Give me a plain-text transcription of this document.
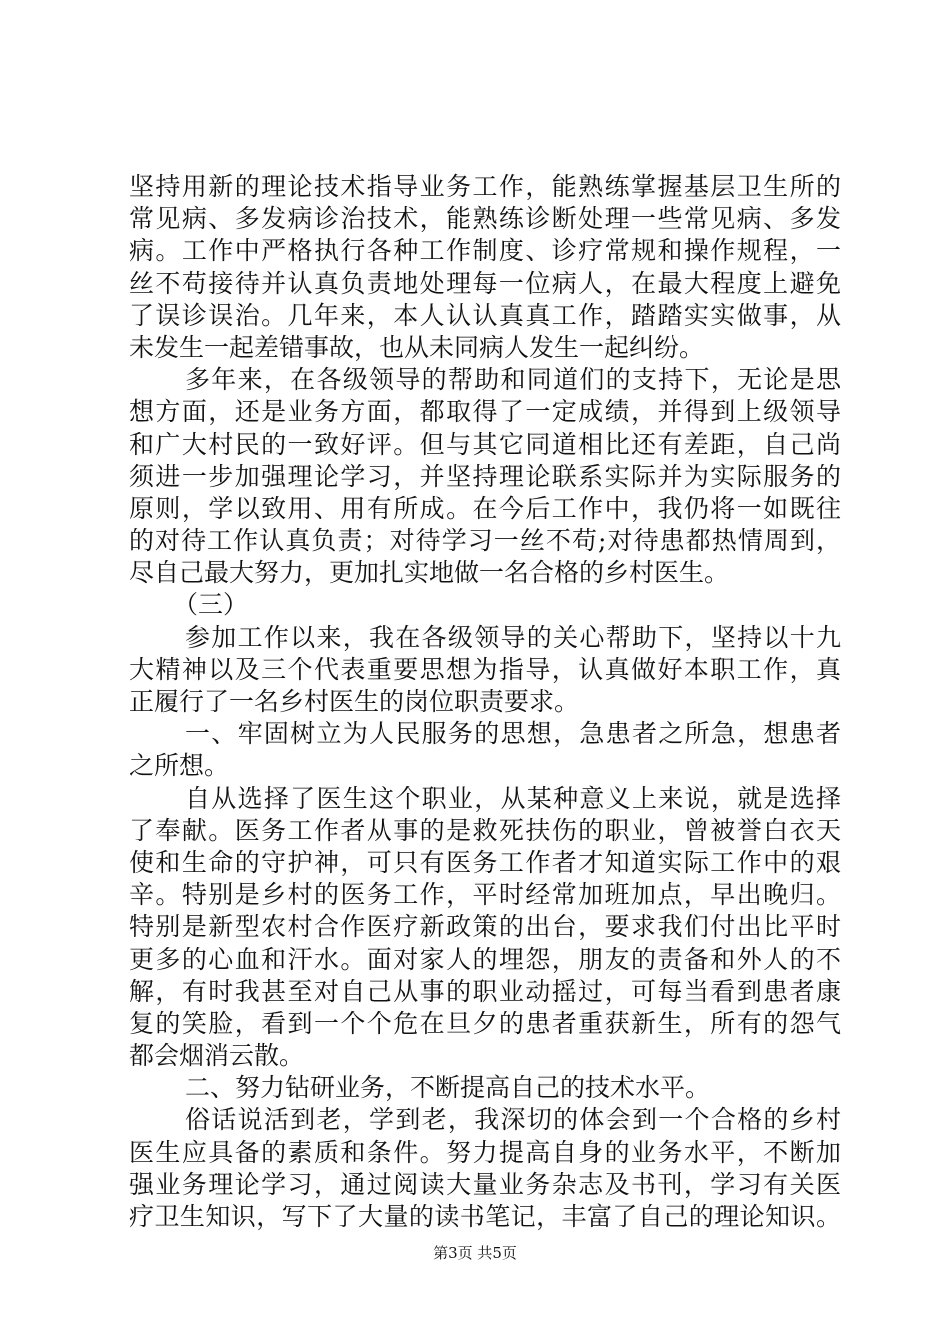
坚持用新的理论技术指导业务工作，能熟练掌握基层卫生所的
常见病、多发病诊治技术，能熟练诊断处理一些常见病、多发
病。工作中严格执行各种工作制度、诊疗常规和操作规程，一
丝不苟接待并认真负责地处理每一位病人，在最大程度上避免
了误诊误治。几年来，本人认认真真工作，踏踏实实做事，从
未发生一起差错事故，也从未同病人发生一起纠纷。
多年来，在各级领导的帮助和同道们的支持下，无论是思
想方面，还是业务方面，都取得了一定成绩，并得到上级领导
和广大村民的一致好评。但与其它同道相比还有差距，自己尚
须进一步加强理论学习，并坚持理论联系实际并为实际服务的
原则，学以致用、用有所成。在今后工作中，我仍将一如既往
的对待工作认真负责；对待学习一丝不苟;对待患都热情周到，
尽自己最大努力，更加扎实地做一名合格的乡村医生。
（三）
参加工作以来，我在各级领导的关心帮助下，坚持以十九
大精神以及三个代表重要思想为指导，认真做好本职工作，真
正履行了一名乡村医生的岗位职责要求。
一、牢固树立为人民服务的思想，急患者之所急，想患者
之所想。
自从选择了医生这个职业，从某种意义上来说，就是选择
了奉献。医务工作者从事的是救死扶伤的职业，曾被誉白衣天
使和生命的守护神，可只有医务工作者才知道实际工作中的艰
辛。特别是乡村的医务工作，平时经常加班加点，早出晚归。
特别是新型农村合作医疗新政策的出台，要求我们付出比平时
更多的心血和汗水。面对家人的埋怨，朋友的责备和外人的不
解，有时我甚至对自己从事的职业动摇过，可每当看到患者康
复的笑脸，看到一个个危在旦夕的患者重获新生，所有的怨气
都会烟消云散。
二、努力钻研业务，不断提高自己的技术水平。
俗话说活到老，学到老，我深切的体会到一个合格的乡村
医生应具备的素质和条件。努力提高自身的业务水平，不断加
强业务理论学习，通过阅读大量业务杂志及书刊，学习有关医
疗卫生知识，写下了大量的读书笔记，丰富了自己的理论知识。
第3页 共5页
